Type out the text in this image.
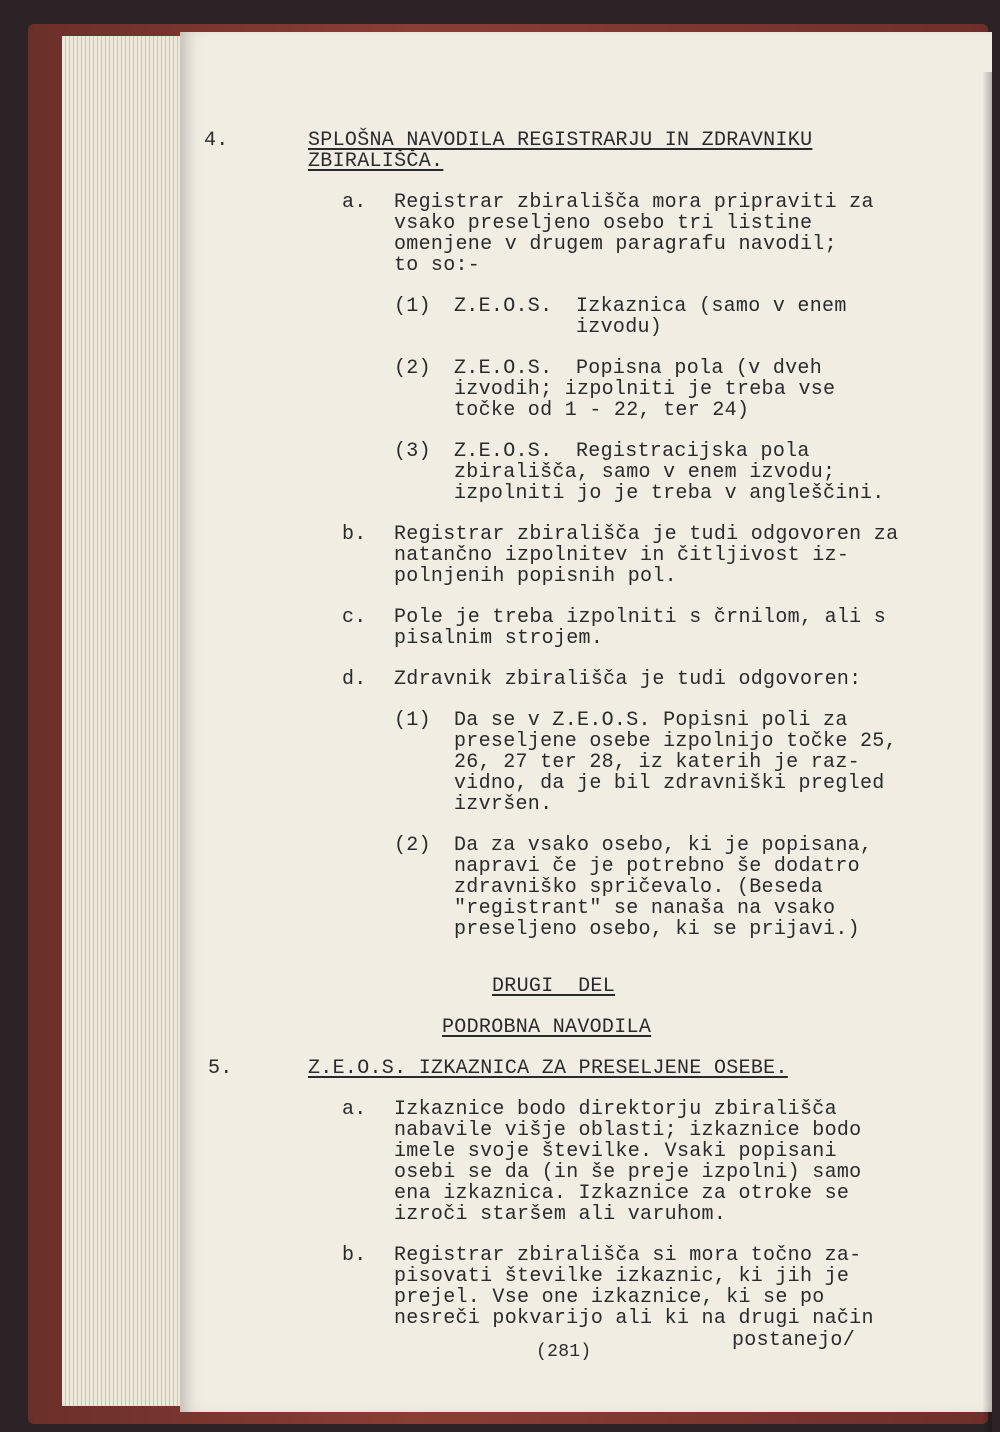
4.	SPLOŠNA NAVODILA REGISTRARJU IN ZDRAVNIKU
ZBIRALIŠČA.
a. Registrar zbirališča mora pripraviti za
vsako preseljeno osebo tri listine
omenjene v drugem paragrafu navodil;
to so:-
(1) Z.E.O.S. Izkaznica (samo v enem
izvodu)
(2) Z.E.O.S. Popisna pola (v dveh
izvodih; izpolniti je treba vse
točke od 1 - 22, ter 24)
(3) Z.E.O.S. Registracijska pola
zbirališča, samo v enem izvodu;
izpolniti jo je treba v angleščini.
b. Registrar zbirališča je tudi odgovoren za
natančno izpolnitev in čitljivost iz-
polnjenih popisnih pol.
c. Pole je treba izpolniti s črnilom, ali s
pisalnim strojem.
d. Zdravnik zbirališča je tudi odgovoren:
(1) Da se v Z.E.O.S. Popisni poli za
preseljene osebe izpolnijo točke 25,
26, 27 ter 28, iz katerih je raz-
vidno, da je bil zdravniški pregled
izvršen.
(2) Da za vsako osebo, ki je popisana,
napravi če je potrebno še dodatro
zdravniško spričevalo. (Beseda
"registrant" se nanaša na vsako
preseljeno osebo, ki se prijavi.)
DRUGI  DEL
PODROBNA NAVODILA
5.	Z.E.O.S. IZKAZNICA ZA PRESELJENE OSEBE.
a. Izkaznice bodo direktorju zbirališča
nabavile višje oblasti; izkaznice bodo
imele svoje številke. Vsaki popisani
osebi se da (in še preje izpolni) samo
ena izkaznica. Izkaznice za otroke se
izroči staršem ali varuhom.
b. Registrar zbirališča si mora točno za-
pisovati številke izkaznic, ki jih je
prejel. Vse one izkaznice, ki se po
nesreči pokvarijo ali ki na drugi način
postanejo/
(281)
